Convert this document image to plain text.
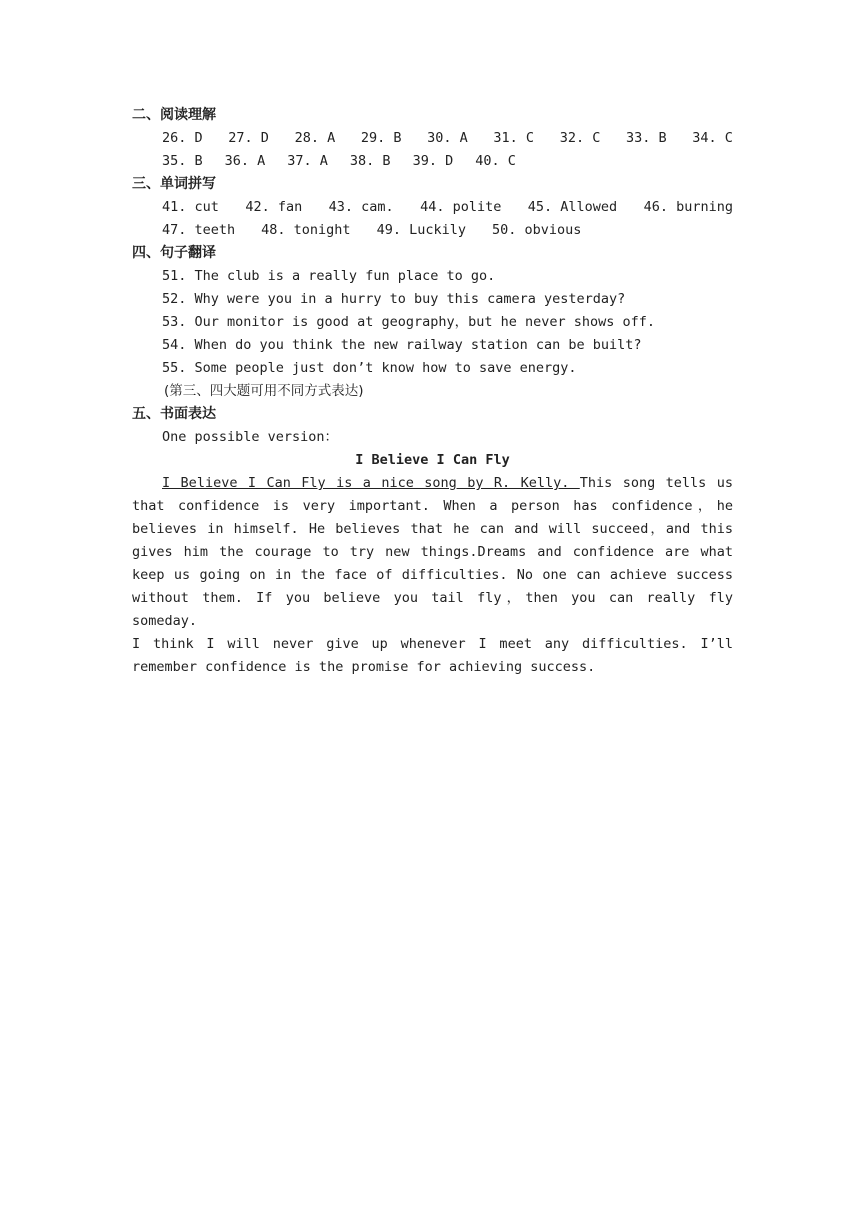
二、阅读理解
26. D 27. D 28. A 29. B 30. A 31. C 32. C 33. B 34. C
35. B 36. A 37. A 38. B 39. D 40. C
三、单词拼写
41. cut 42. fan 43. cam. 44. polite 45. Allowed 46. burning
47. teeth 48. tonight 49. Luckily 50. obvious
四、句子翻译
51. The club is a really fun place to go.
52. Why were you in a hurry to buy this camera yesterday?
53. Our monitor is good at geography，but he never shows off.
54. When do you think the new railway station can be built?
55. Some people just don’t know how to save energy.
(第三、四大题可用不同方式表达)
五、书面表达
One possible version：
I Believe I Can Fly

I Believe I Can Fly is a nice song by R. Kelly. This song tells us that confidence is very important. When a person has confidence，he believes in himself. He believes that he can and will succeed，and this gives him the courage to try new things.Dreams and confidence are what keep us going on in the face of difficulties. No one can achieve success without them. If you believe you tail fly，then you can really fly someday.

I think I will never give up whenever I meet any difficulties. I’ll remember confidence is the promise for achieving success.
